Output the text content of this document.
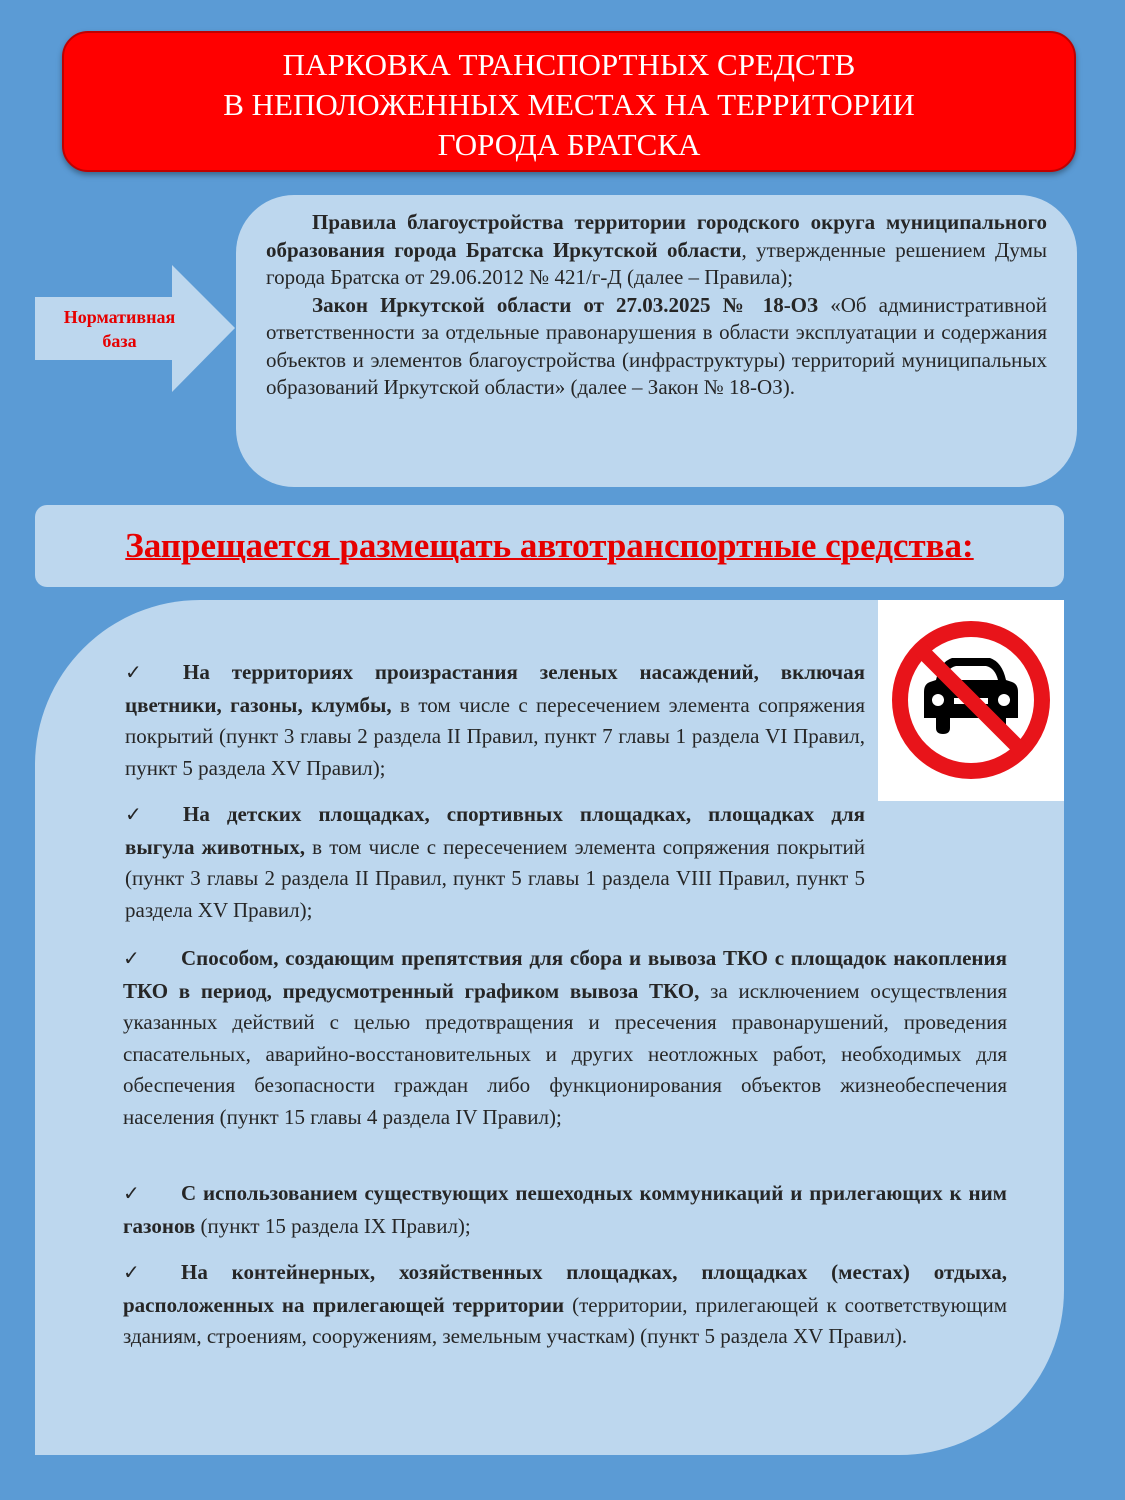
ПАРКОВКА ТРАНСПОРТНЫХ СРЕДСТВ
В НЕПОЛОЖЕННЫХ МЕСТАХ НА ТЕРРИТОРИИ
ГОРОДА БРАТСКА
Нормативная
база

Правила благоустройства территории городского округа муниципального образования города Братска Иркутской области, утвержденные решением Думы города Братска от 29.06.2012 № 421/г-Д (далее – Правила);

Закон Иркутской области от 27.03.2025 № 18-ОЗ «Об административной ответственности за отдельные правонарушения в области эксплуатации и содержания объектов и элементов благоустройства (инфраструктуры) территорий муниципальных образований Иркутской области» (далее – Закон № 18-ОЗ).

Запрещается размещать автотранспортные средства:
✓ На территориях произрастания зеленых насаждений, включая цветники, газоны, клумбы, в том числе с пересечением элемента сопряжения покрытий (пункт 3 главы 2 раздела II Правил, пункт 7 главы 1 раздела VI Правил, пункт 5 раздела XV Правил);
✓ На детских площадках, спортивных площадках, площадках для выгула животных, в том числе с пересечением элемента сопряжения покрытий (пункт 3 главы 2 раздела II Правил, пункт 5 главы 1 раздела VIII Правил, пункт 5 раздела XV Правил);
✓ Способом, создающим препятствия для сбора и вывоза ТКО с площадок накопления ТКО в период, предусмотренный графиком вывоза ТКО, за исключением осуществления указанных действий с целью предотвращения и пресечения правонарушений, проведения спасательных, аварийно-восстановительных и других неотложных работ, необходимых для обеспечения безопасности граждан либо функционирования объектов жизнеобеспечения населения (пункт 15 главы 4 раздела IV Правил);
✓ С использованием существующих пешеходных коммуникаций и прилегающих к ним газонов (пункт 15 раздела IX Правил);
✓ На контейнерных, хозяйственных площадках, площадках (местах) отдыха, расположенных на прилегающей территории (территории, прилегающей к соответствующим зданиям, строениям, сооружениям, земельным участкам) (пункт 5 раздела XV Правил).
